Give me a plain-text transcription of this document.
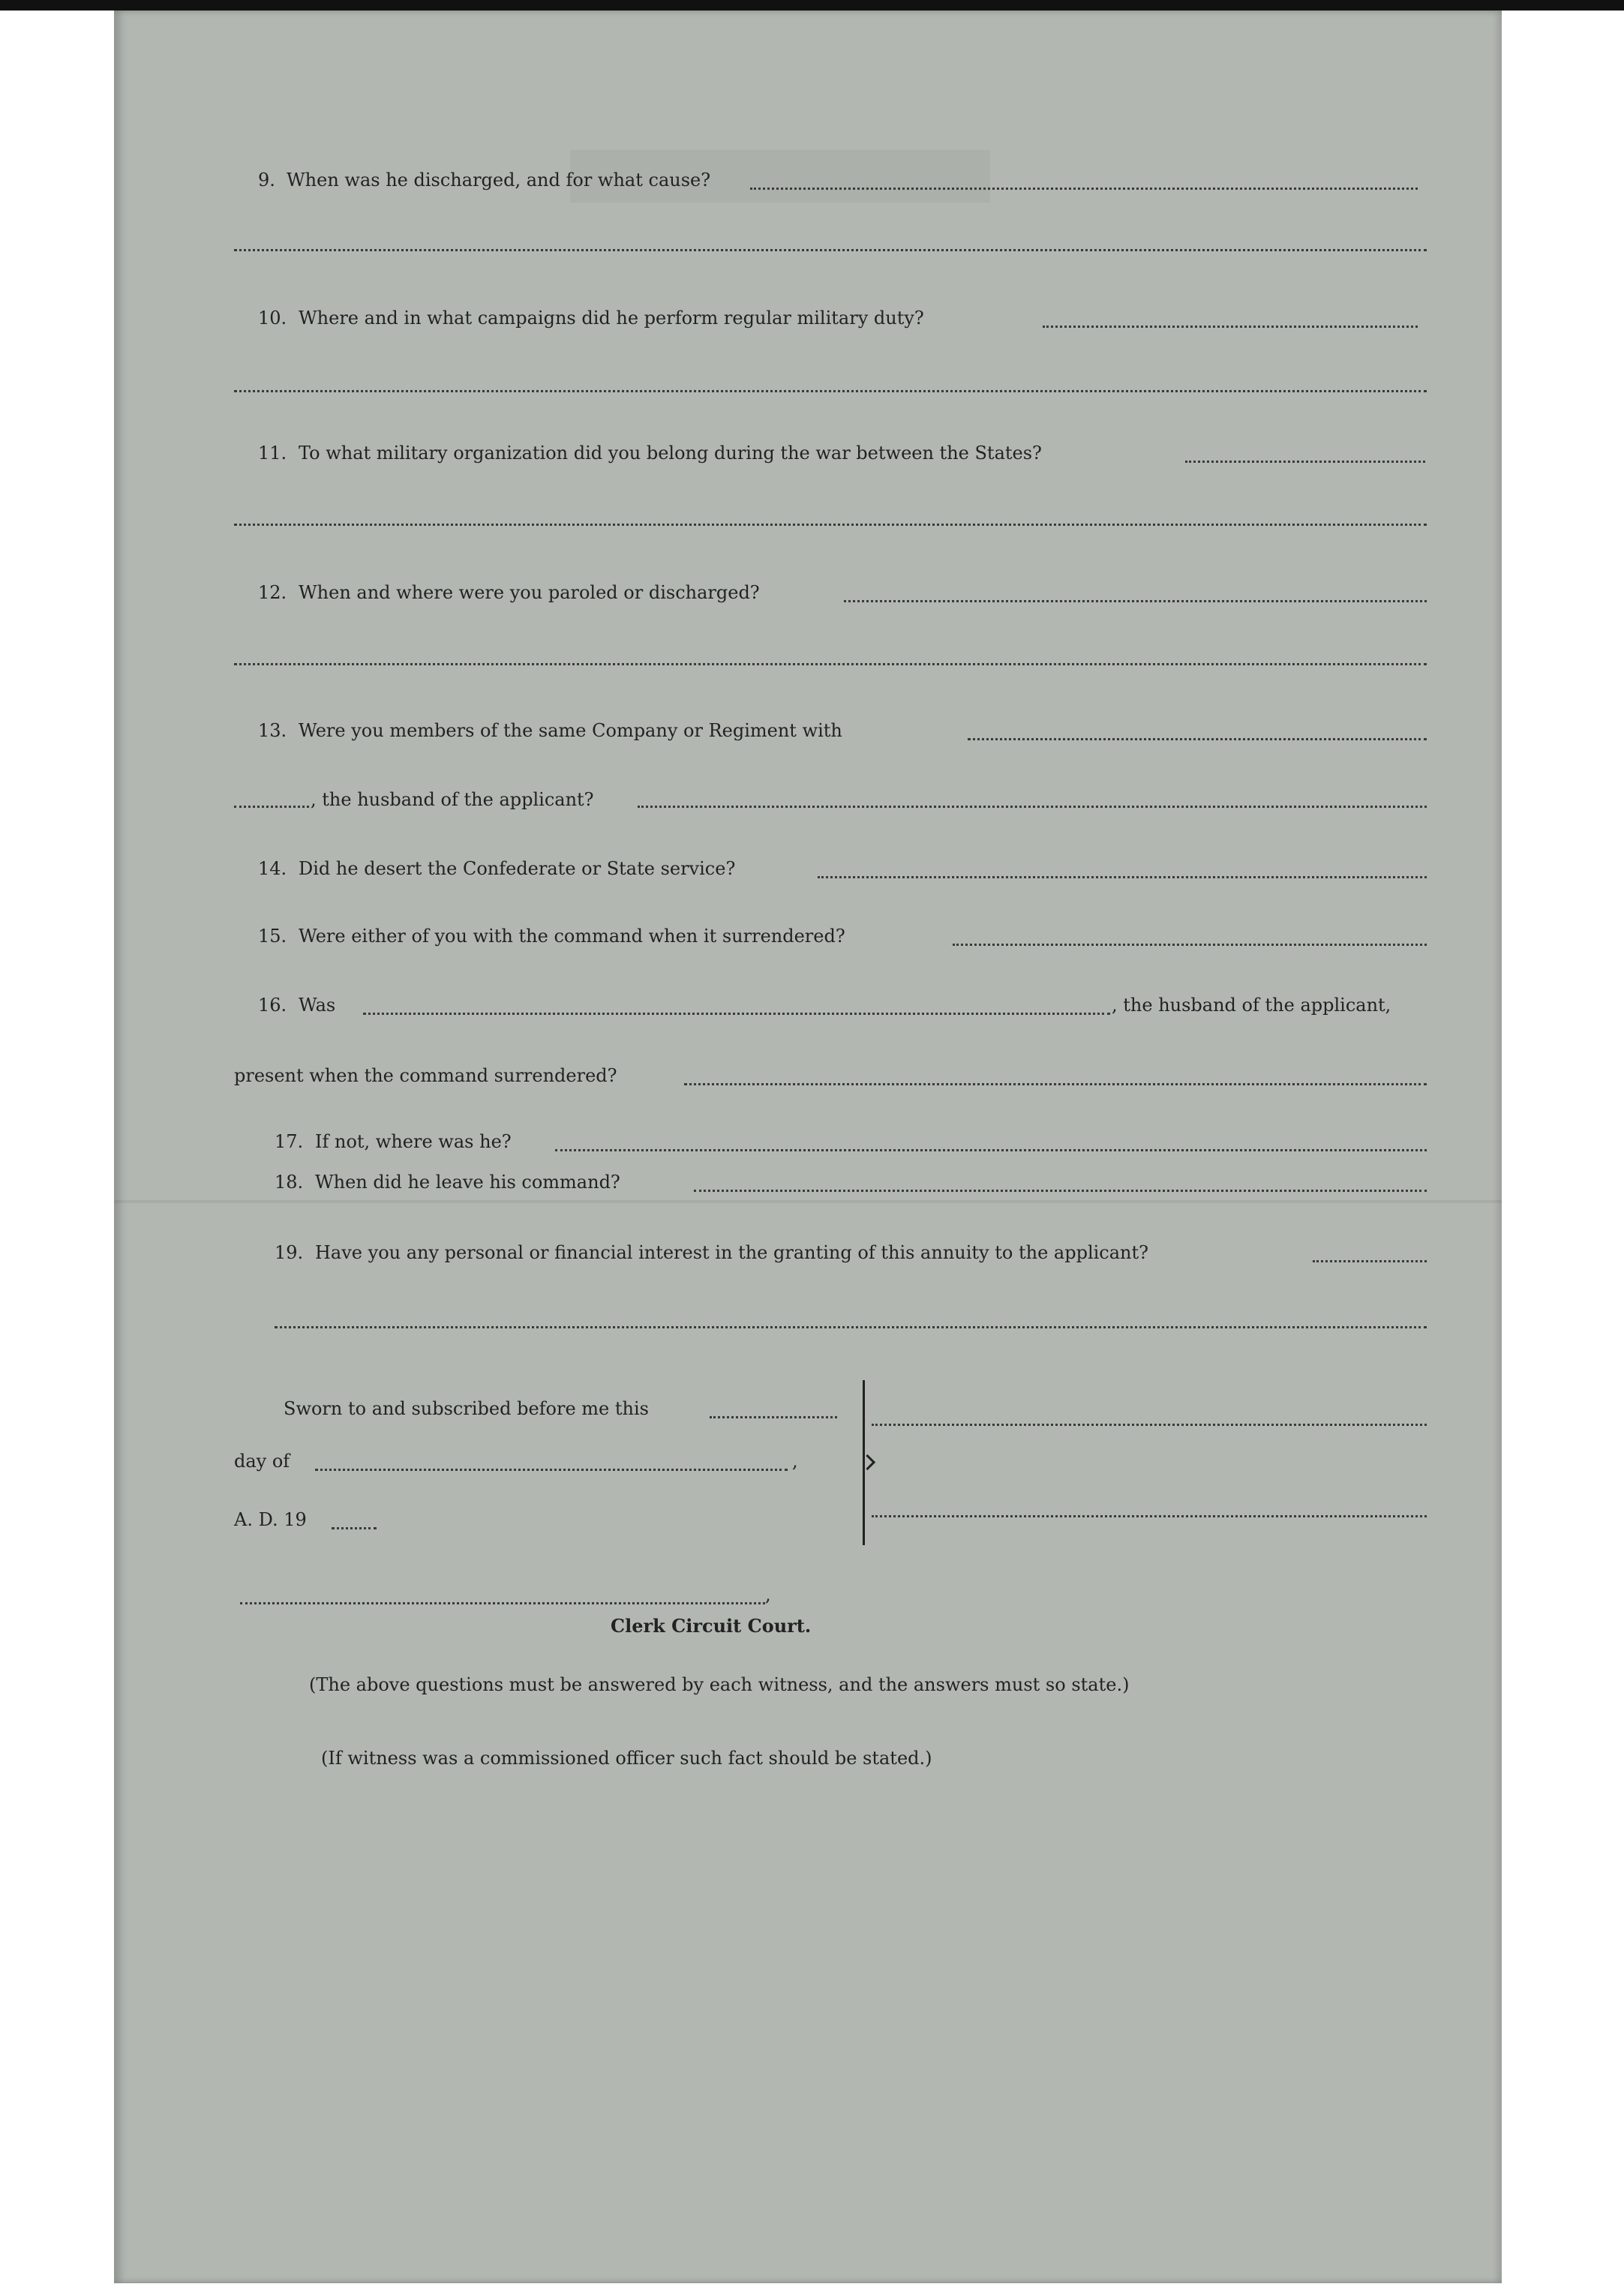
9. When was he discharged, and for what cause?
10. Where and in what campaigns did he perform regular military duty?
11. To what military organization did you belong during the war between the States?
12. When and where were you paroled or discharged?
13. Were you members of the same Company or Regiment with
, the husband of the applicant?
14. Did he desert the Confederate or State service?
15. Were either of you with the command when it surrendered?
16. Was	, the husband of the applicant,
present when the command surrendered?
17. If not, where was he?
18. When did he leave his command?
19. Have you any personal or financial interest in the granting of this annuity to the applicant?
Sworn to and subscribed before me this
day of	,
A. D. 19
,
Clerk Circuit Court.
(The above questions must be answered by each witness, and the answers must so state.)
(If witness was a commissioned officer such fact should be stated.)
